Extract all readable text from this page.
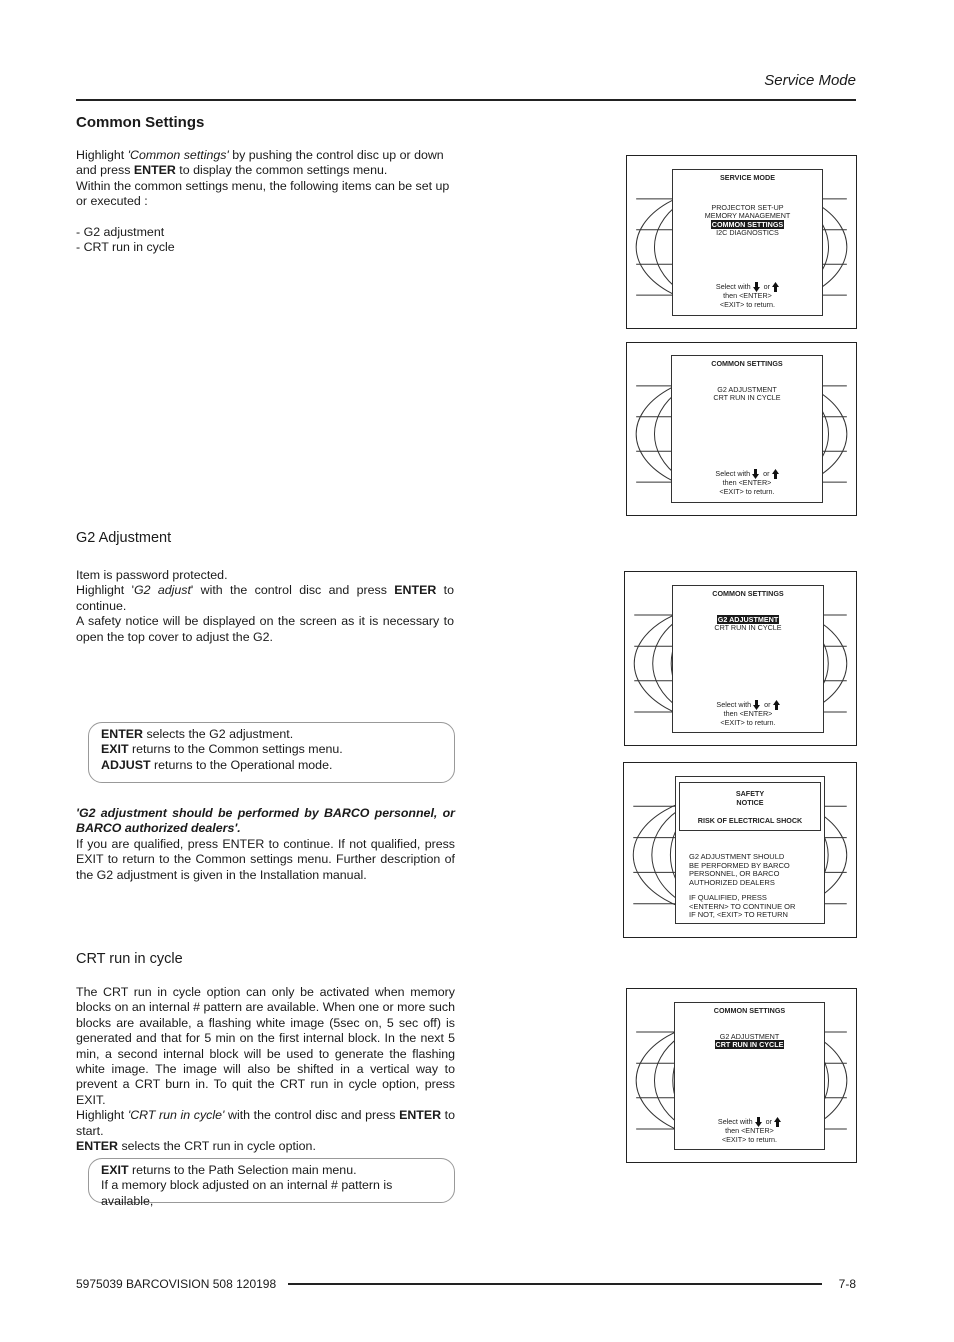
Service Mode
Common Settings
Highlight 'Common settings' by pushing the control disc up or down and press ENTER to display the common settings menu.
Within the common settings menu, the following items can be set up or executed :
- G2 adjustment
- CRT run in cycle
G2 Adjustment
Item is password protected.
Highlight 'G2 adjust' with the control disc and press ENTER to continue.
A safety notice will be displayed on the screen as it is necessary to open the top cover to adjust the G2.
ENTER selects the G2 adjustment.
EXIT returns to the Common settings menu.
ADJUST returns to the Operational mode.
'G2 adjustment should be performed by BARCO personnel, or BARCO authorized dealers'.
If you are qualified, press ENTER to continue. If not qualified, press EXIT to return to the Common settings menu. Further description of the G2 adjustment is given in the Installation manual.
CRT run in cycle
The CRT run in cycle option can only be activated when memory blocks on an internal # pattern are available. When one or more such blocks are available, a flashing white image (5sec on, 5 sec off) is generated and that for 5 min on the first internal block. In the next 5 min, a second internal block will be used to generate the flashing white image. The image will also be shifted in a vertical way to prevent a CRT burn in. To quit the CRT run in cycle option, press EXIT.
Highlight 'CRT run in cycle' with the control disc and press ENTER to start.
ENTER selects the CRT run in cycle option.
EXIT returns to the Path Selection main menu.
If a memory block adjusted on an internal # pattern is available,
SERVICE MODE
PROJECTOR SET-UP
MEMORY MANAGEMENT
COMMON SETTINGS
I2C DIAGNOSTICS
Select with or
then <ENTER>
<EXIT> to return.
COMMON SETTINGS
G2 ADJUSTMENT
CRT RUN IN CYCLE
Select with or
then <ENTER>
<EXIT> to return.
COMMON SETTINGS
G2 ADJUSTMENT
CRT RUN IN CYCLE
Select with or
then <ENTER>
<EXIT> to return.
SAFETY
NOTICE
RISK OF ELECTRICAL SHOCK
G2 ADJUSTMENT SHOULD
BE PERFORMED BY BARCO
PERSONNEL, OR BARCO
AUTHORIZED DEALERS
IF QUALIFIED, PRESS
<ENTERN> TO CONTINUE OR
IF NOT, <EXIT> TO RETURN
COMMON SETTINGS
G2 ADJUSTMENT
CRT RUN IN CYCLE
Select with or
then <ENTER>
<EXIT> to return.
5975039 BARCOVISION 508 120198	7-8
